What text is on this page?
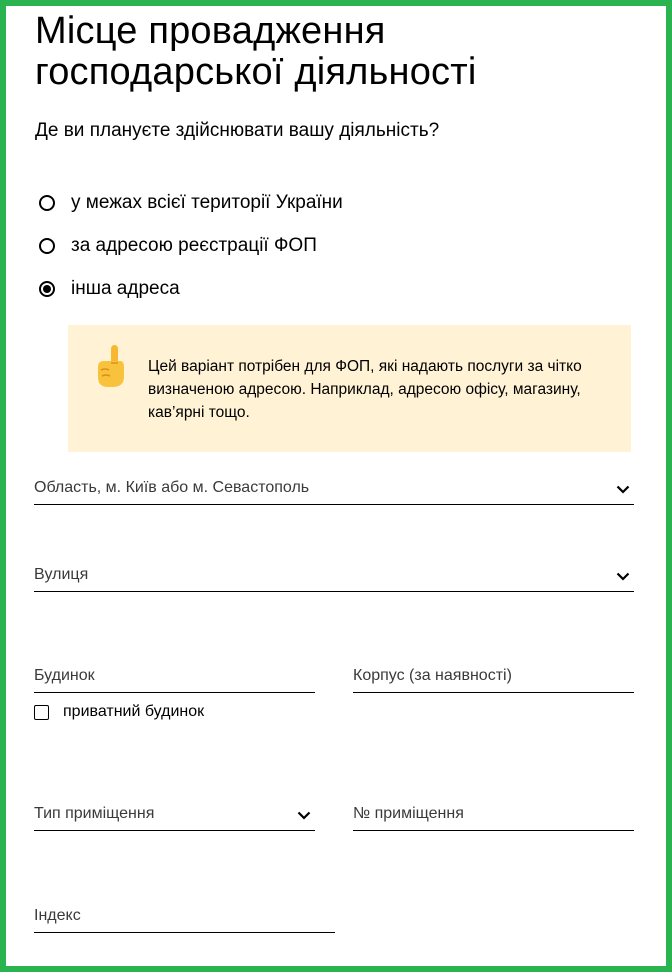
Місце провадження господарської діяльності

Де ви плануєте здійснювати вашу діяльність?

у межах всієї території України
за адресою реєстрації ФОП
інша адреса

Цей варіант потрібен для ФОП, які надають послуги за чітко визначеною адресою. Наприклад, адресою офісу, магазину, кав’ярні тощо.

Область, м. Київ або м. Севастополь
Вулиця
Будинок	Корпус (за наявності)
приватний будинок
Тип приміщення	№ приміщення
Індекс
